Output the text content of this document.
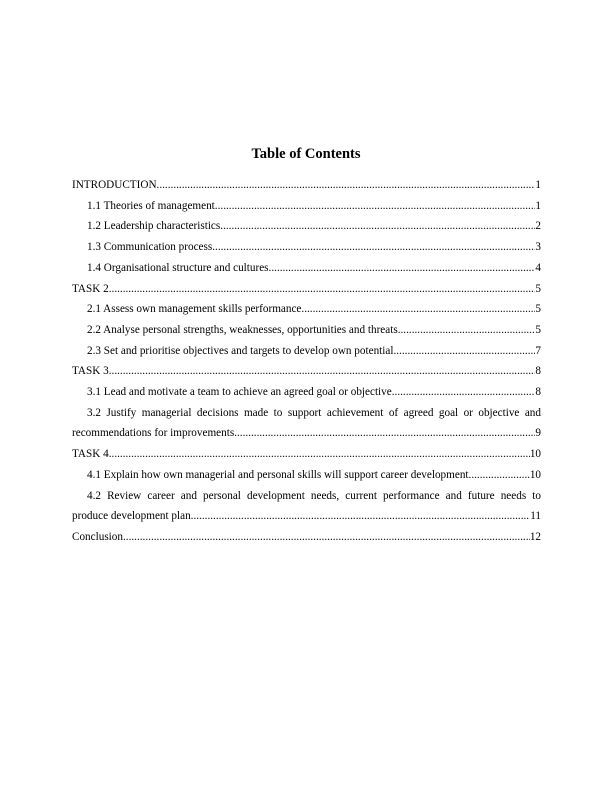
Table of Contents
INTRODUCTION .....	1
1.1 Theories of management .....	1
1.2 Leadership characteristics .....	2
1.3 Communication process .....	3
1.4 Organisational structure and cultures .....	4
TASK 2 .....	5
2.1 Assess own management skills performance .....	5
2.2 Analyse personal strengths, weaknesses, opportunities and threats .....	5
2.3 Set and prioritise objectives and targets to develop own potential .....	7
TASK 3 .....	8
3.1 Lead and motivate a team to achieve an agreed goal or objective .....	8
3.2 Justify managerial decisions made to support achievement of agreed goal or objective and
recommendations for improvements .....	9
TASK 4 .....	10
4.1 Explain how own managerial and personal skills will support career development .....	10
4.2 Review career and personal development needs, current performance and future needs to
produce development plan .....	11
Conclusion .....	12
